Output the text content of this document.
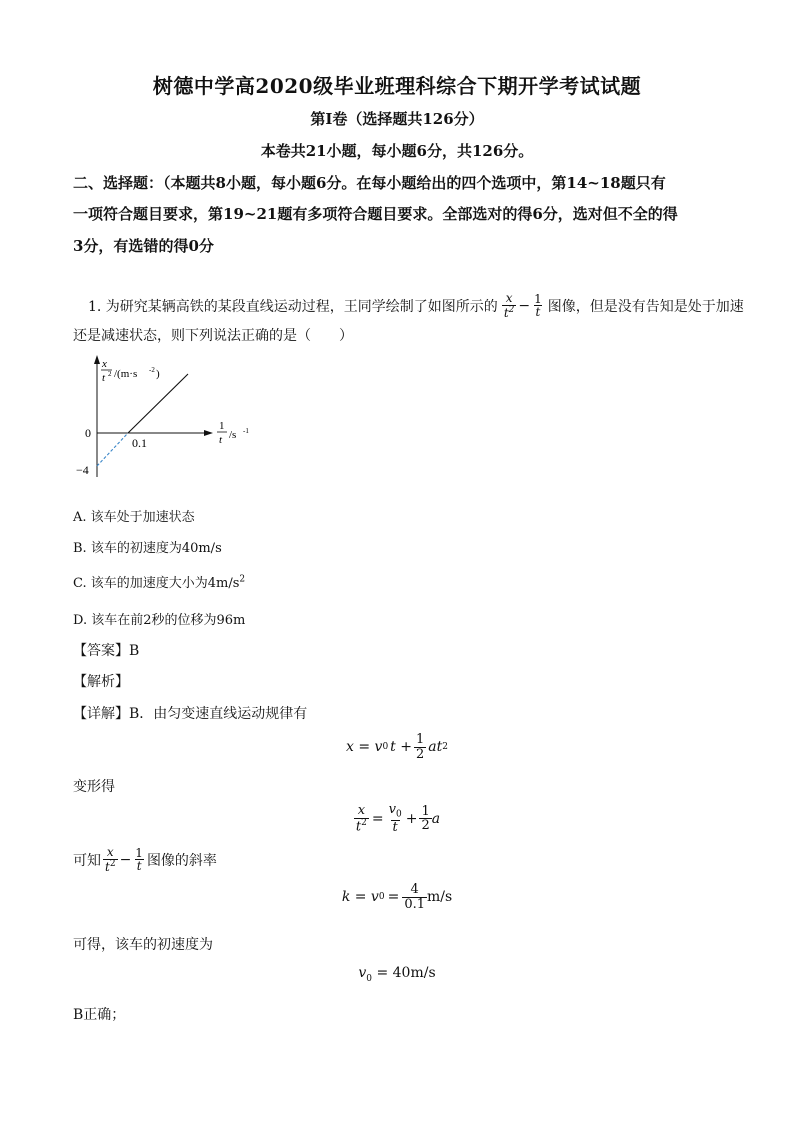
树德中学高2020级毕业班理科综合下期开学考试试题
第Ⅰ卷（选择题共126分）
本卷共21小题，每小题6分，共126分。
二、选择题：（本题共8小题，每小题6分。在每小题给出的四个选项中，第14~18题只有
一项符合题目要求，第19~21题有多项符合题目要求。全部选对的得6分，选对但不全的得
3分，有选错的得0分
1. 为研究某辆高铁的某段直线运动过程，王同学绘制了如图所示的 $\frac{x}{t^2} - \frac{1}{t}$ 图像，但是没有告知是处于加速
还是减速状态，则下列说法正确的是（　　）
0
0.1
−4
x
t 2 /(m·s -2 )
1
t /s -1
A. 该车处于加速状态
B. 该车的初速度为40m/s
C. 该车的加速度大小为$4m/s^2$
D. 该车在前2秒的位移为96m
【答案】B
【解析】
【详解】B．由匀变速直线运动规律有
x = v 0 $t + \frac{1}{2}$ at 2
变形得
$\frac{x}{t^2} = \frac{v_0}{t} + \frac{1}{2}$ a
可知 $\frac{x}{t^2} - \frac{1}{t}$ 图像的斜率
k = v $0 = \frac{4}{0.1} m/s$
可得，该车的初速度为
$v_0 = 40m/s$
B正确；
